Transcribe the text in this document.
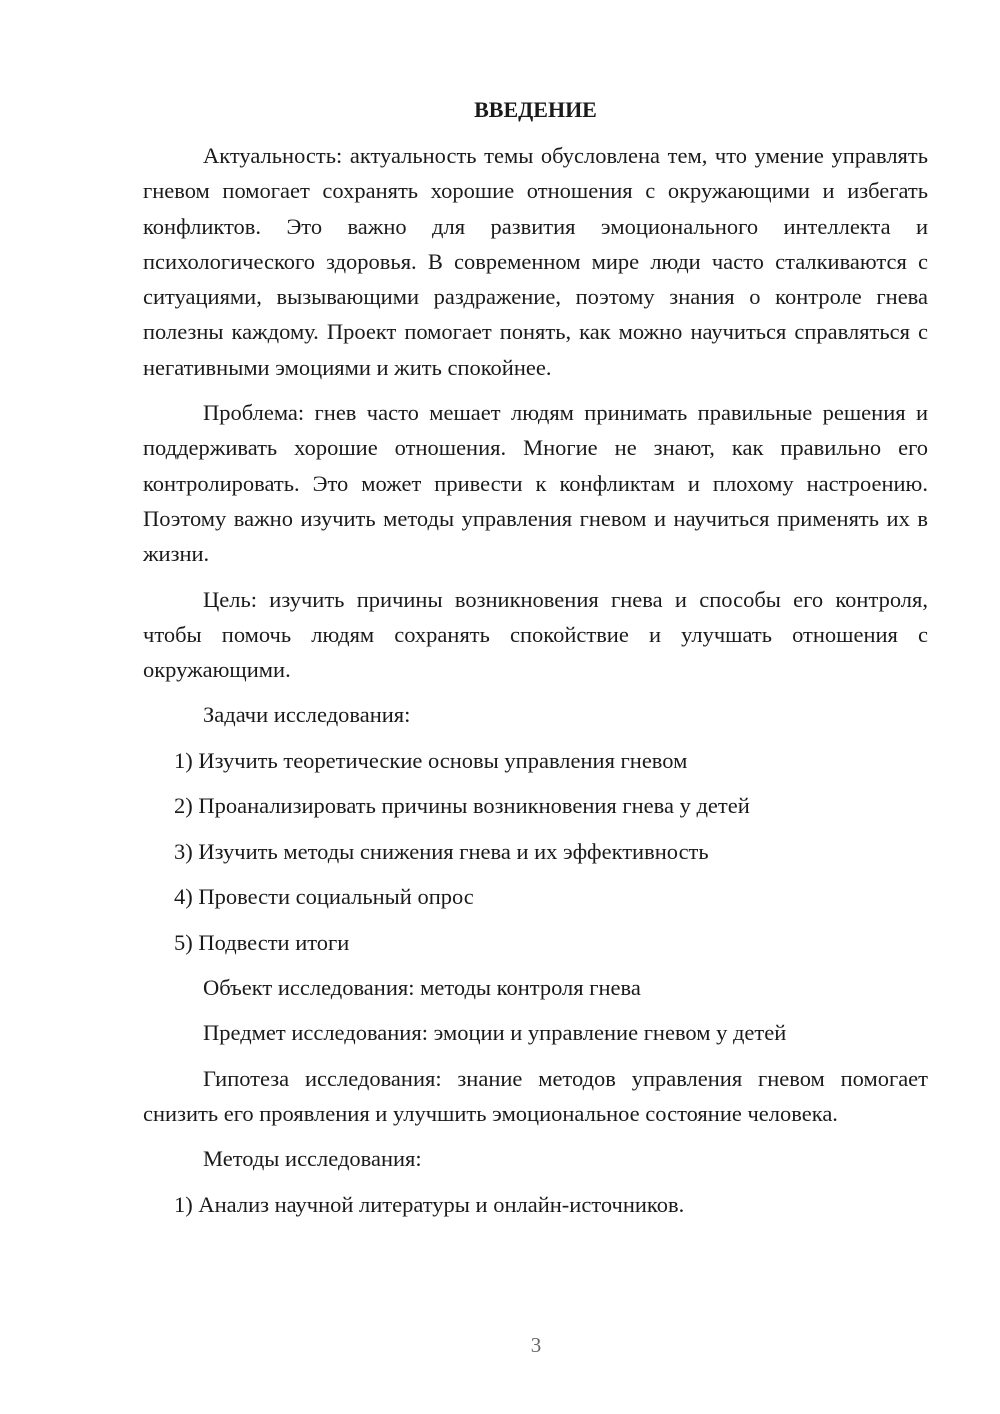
ВВЕДЕНИЕ
Актуальность: актуальность темы обусловлена тем, что умение управлять гневом помогает сохранять хорошие отношения с окружающими и избегать конфликтов. Это важно для развития эмоционального интеллекта и психологического здоровья. В современном мире люди часто сталкиваются с ситуациями, вызывающими раздражение, поэтому знания о контроле гнева полезны каждому. Проект помогает понять, как можно научиться справляться с негативными эмоциями и жить спокойнее.
Проблема: гнев часто мешает людям принимать правильные решения и поддерживать хорошие отношения. Многие не знают, как правильно его контролировать. Это может привести к конфликтам и плохому настроению. Поэтому важно изучить методы управления гневом и научиться применять их в жизни.
Цель: изучить причины возникновения гнева и способы его контроля, чтобы помочь людям сохранять спокойствие и улучшать отношения с окружающими.
Задачи исследования:
1) Изучить теоретические основы управления гневом
2) Проанализировать причины возникновения гнева у детей
3) Изучить методы снижения гнева и их эффективность
4) Провести социальный опрос
5) Подвести итоги
Объект исследования: методы контроля гнева
Предмет исследования: эмоции и управление гневом у детей
Гипотеза исследования: знание методов управления гневом помогает снизить его проявления и улучшить эмоциональное состояние человека.
Методы исследования:
1) Анализ научной литературы и онлайн-источников.
3
